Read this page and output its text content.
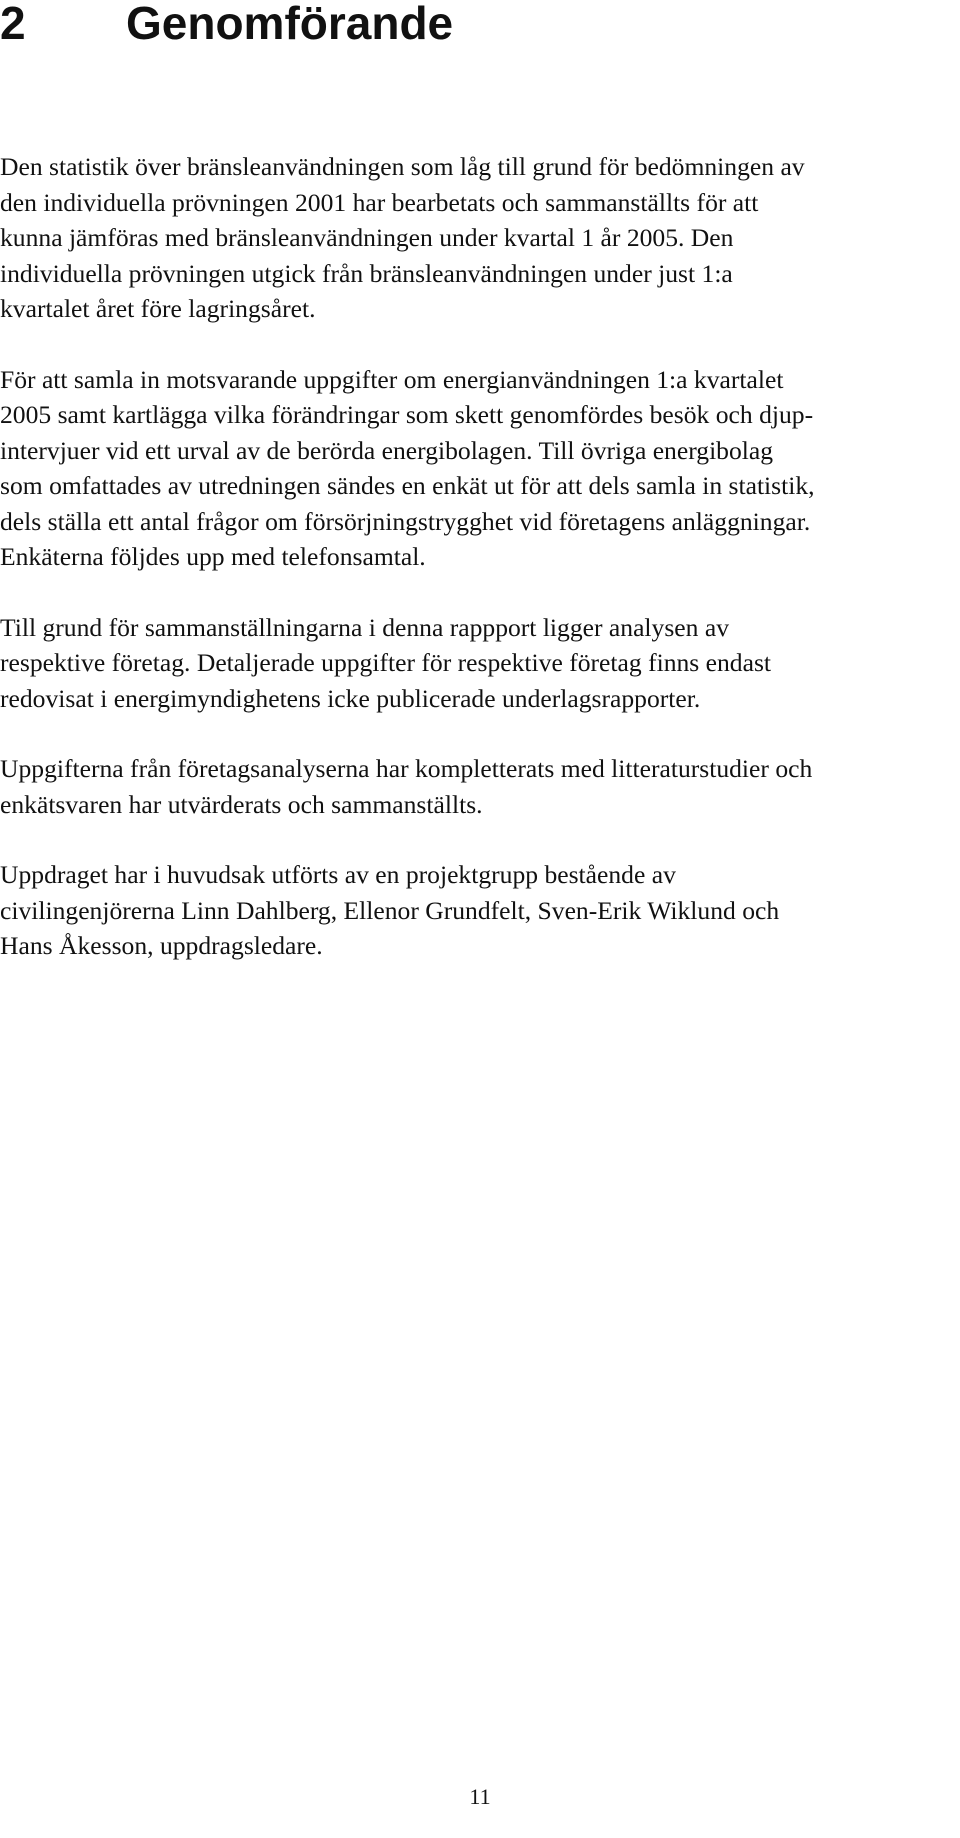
2 Genomförande

Den statistik över bränsleanvändningen som låg till grund för bedömningen av
den individuella prövningen 2001 har bearbetats och sammanställts för att
kunna jämföras med bränsleanvändningen under kvartal 1 år 2005. Den
individuella prövningen utgick från bränsleanvändningen under just 1:a
kvartalet året före lagringsåret.

För att samla in motsvarande uppgifter om energianvändningen 1:a kvartalet
2005 samt kartlägga vilka förändringar som skett genomfördes besök och djup-
intervjuer vid ett urval av de berörda energibolagen. Till övriga energibolag
som omfattades av utredningen sändes en enkät ut för att dels samla in statistik,
dels ställa ett antal frågor om försörjningstrygghet vid företagens anläggningar.
Enkäterna följdes upp med telefonsamtal.

Till grund för sammanställningarna i denna rappport ligger analysen av
respektive företag. Detaljerade uppgifter för respektive företag finns endast
redovisat i energimyndighetens icke publicerade underlagsrapporter.

Uppgifterna från företagsanalyserna har kompletterats med litteraturstudier och
enkätsvaren har utvärderats och sammanställts.

Uppdraget har i huvudsak utförts av en projektgrupp bestående av
civilingenjörerna Linn Dahlberg, Ellenor Grundfelt, Sven-Erik Wiklund och
Hans Åkesson, uppdragsledare.

11
